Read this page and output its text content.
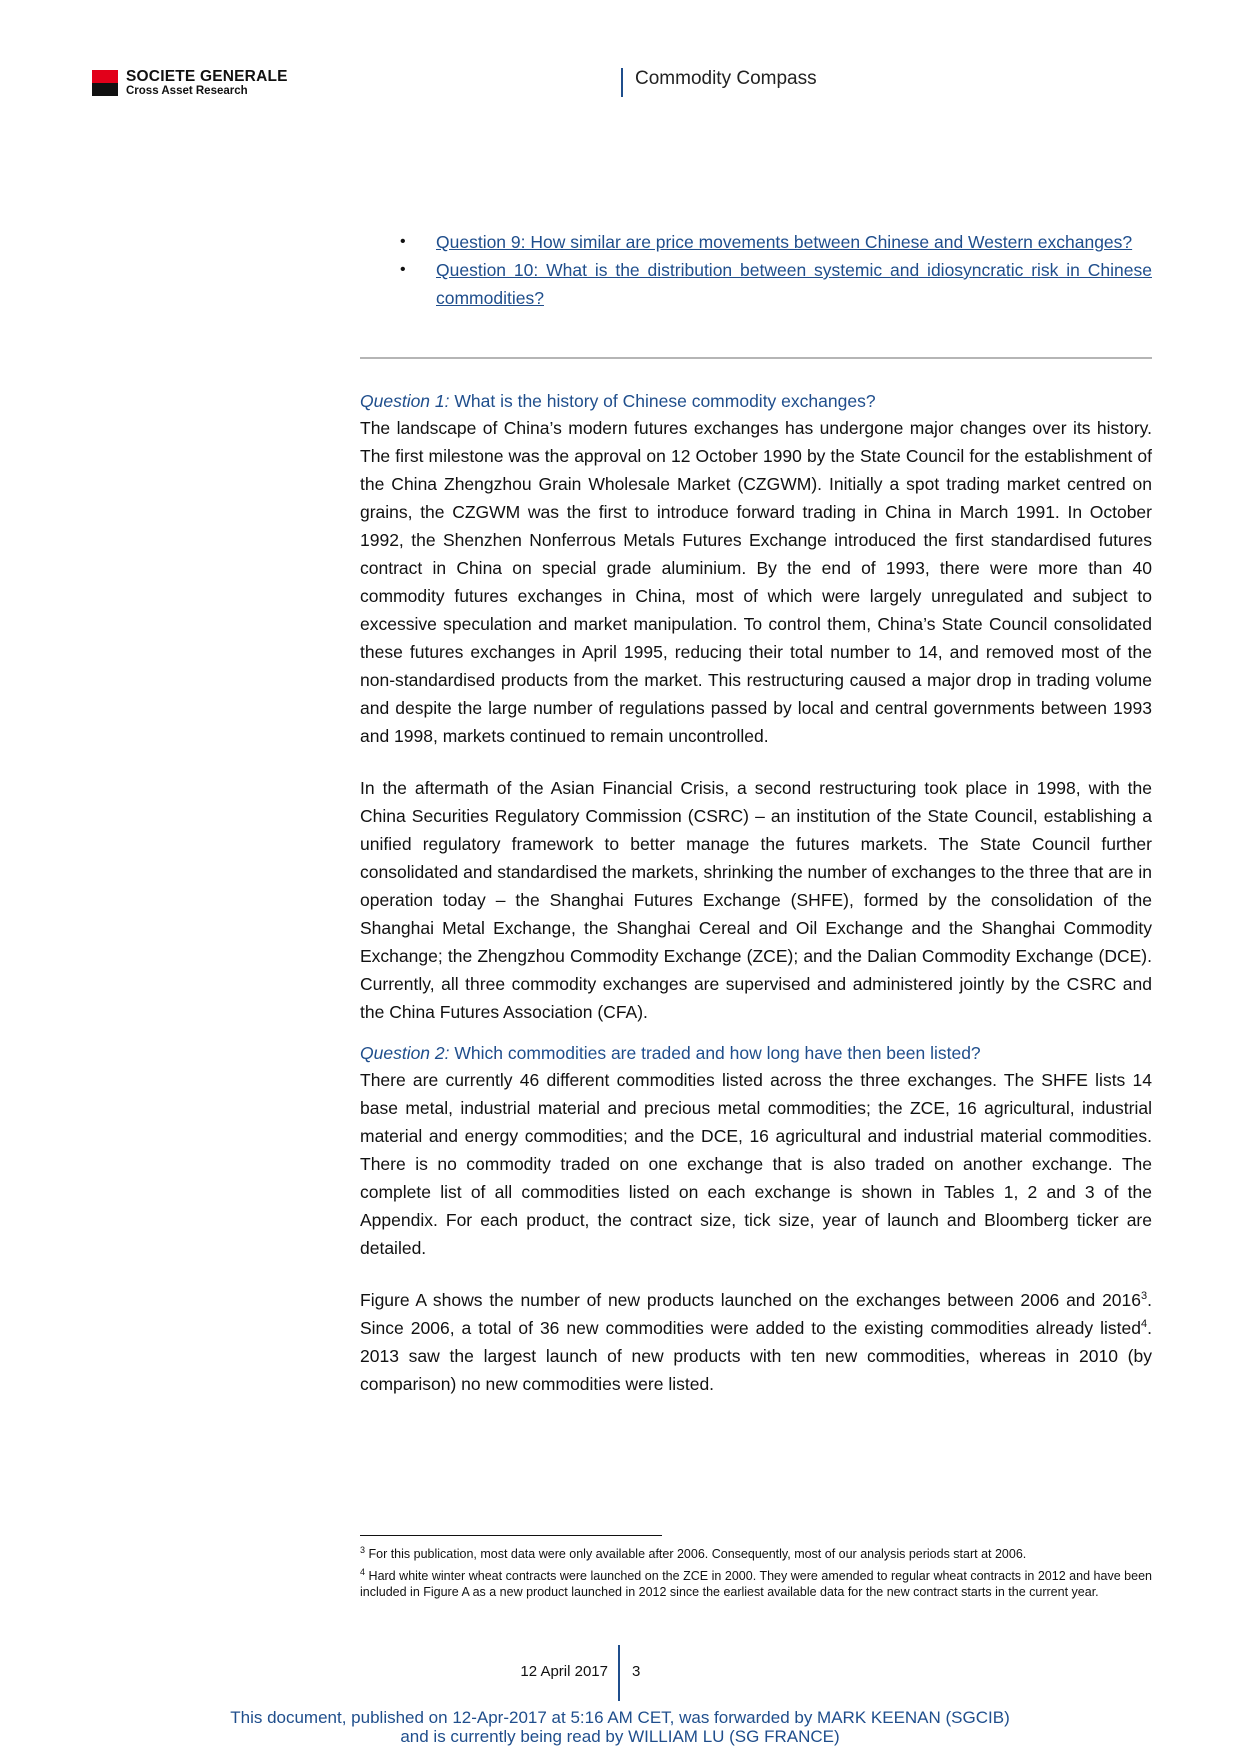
SOCIETE GENERALE
Cross Asset Research
Commodity Compass
• Question 9: How similar are price movements between Chinese and Western exchanges?
• Question 10: What is the distribution between systemic and idiosyncratic risk in Chinese commodities?

Question 1: What is the history of Chinese commodity exchanges?

The landscape of China’s modern futures exchanges has undergone major changes over its history. The first milestone was the approval on 12 October 1990 by the State Council for the establishment of the China Zhengzhou Grain Wholesale Market (CZGWM). Initially a spot trading market centred on grains, the CZGWM was the first to introduce forward trading in China in March 1991. In October 1992, the Shenzhen Nonferrous Metals Futures Exchange introduced the first standardised futures contract in China on special grade aluminium. By the end of 1993, there were more than 40 commodity futures exchanges in China, most of which were largely unregulated and subject to excessive speculation and market manipulation. To control them, China’s State Council consolidated these futures exchanges in April 1995, reducing their total number to 14, and removed most of the non-standardised products from the market. This restructuring caused a major drop in trading volume and despite the large number of regulations passed by local and central governments between 1993 and 1998, markets continued to remain uncontrolled.

In the aftermath of the Asian Financial Crisis, a second restructuring took place in 1998, with the China Securities Regulatory Commission (CSRC) – an institution of the State Council, establishing a unified regulatory framework to better manage the futures markets. The State Council further consolidated and standardised the markets, shrinking the number of exchanges to the three that are in operation today – the Shanghai Futures Exchange (SHFE), formed by the consolidation of the Shanghai Metal Exchange, the Shanghai Cereal and Oil Exchange and the Shanghai Commodity Exchange; the Zhengzhou Commodity Exchange (ZCE); and the Dalian Commodity Exchange (DCE). Currently, all three commodity exchanges are supervised and administered jointly by the CSRC and the China Futures Association (CFA).

Question 2: Which commodities are traded and how long have then been listed?

There are currently 46 different commodities listed across the three exchanges. The SHFE lists 14 base metal, industrial material and precious metal commodities; the ZCE, 16 agricultural, industrial material and energy commodities; and the DCE, 16 agricultural and industrial material commodities. There is no commodity traded on one exchange that is also traded on another exchange. The complete list of all commodities listed on each exchange is shown in Tables 1, 2 and 3 of the Appendix. For each product, the contract size, tick size, year of launch and Bloomberg ticker are detailed.

Figure A shows the number of new products launched on the exchanges between 2006 and 2016$^3$. Since 2006, a total of 36 new commodities were added to the existing commodities already listed$^4$. 2013 saw the largest launch of new products with ten new commodities, whereas in 2010 (by comparison) no new commodities were listed.

$^3$ For this publication, most data were only available after 2006. Consequently, most of our analysis periods start at 2006.

$^4$ Hard white winter wheat contracts were launched on the ZCE in 2000. They were amended to regular wheat contracts in 2012 and have been included in Figure A as a new product launched in 2012 since the earliest available data for the new contract starts in the current year.

12 April 2017 3
This document, published on 12-Apr-2017 at 5:16 AM CET, was forwarded by MARK KEENAN (SGCIB)
and is currently being read by WILLIAM LU (SG FRANCE)
